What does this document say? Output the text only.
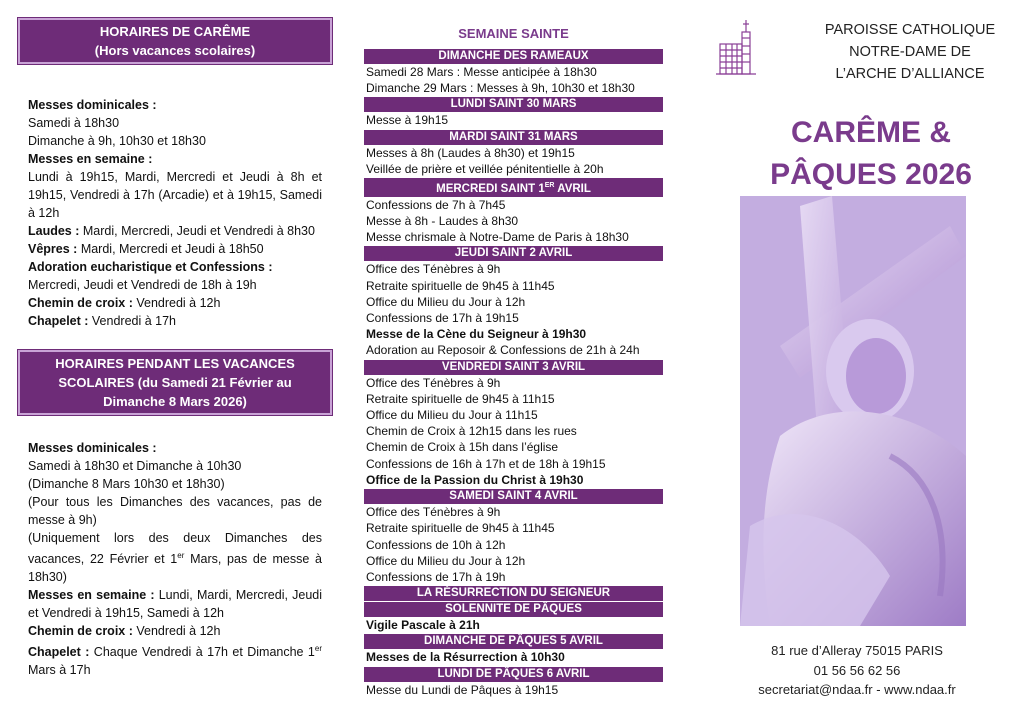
HORAIRES DE CARÊME
(Hors vacances scolaires)

Messes dominicales :

Samedi à 18h30

Dimanche à 9h, 10h30 et 18h30

Messes en semaine :

Lundi à 19h15, Mardi, Mercredi et Jeudi à 8h et 19h15, Vendredi à 17h (Arcadie) et à 19h15, Samedi à 12h

Laudes : Mardi, Mercredi, Jeudi et Vendredi à 8h30

Vêpres : Mardi, Mercredi et Jeudi à 18h50

Adoration eucharistique et Confessions :

Mercredi, Jeudi et Vendredi de 18h à 19h

Chemin de croix : Vendredi à 12h

Chapelet : Vendredi à 17h

HORAIRES PENDANT LES VACANCES
SCOLAIRES (du Samedi 21 Février au
Dimanche 8 Mars 2026)

Messes dominicales :

Samedi à 18h30 et Dimanche à 10h30

(Dimanche 8 Mars 10h30 et 18h30)

(Pour tous les Dimanches des vacances, pas de messe à 9h)

(Uniquement lors des deux Dimanches des vacances, 22 Février et 1er Mars, pas de messe à 18h30)

Messes en semaine : Lundi, Mardi, Mercredi, Jeudi et Vendredi à 19h15, Samedi à 12h

Chemin de croix : Vendredi à 12h

Chapelet : Chaque Vendredi à 17h et Dimanche 1er Mars à 17h

SEMAINE SAINTE
DIMANCHE DES RAMEAUX
Samedi 28 Mars : Messe anticipée à 18h30
Dimanche 29 Mars : Messes à 9h, 10h30 et 18h30
LUNDI SAINT 30 MARS
Messe à 19h15
MARDI SAINT 31 MARS
Messes à 8h (Laudes à 8h30) et 19h15
Veillée de prière et veillée pénitentielle à 20h
MERCREDI SAINT 1ER AVRIL
Confessions de 7h à 7h45
Messe à 8h - Laudes à 8h30
Messe chrismale à Notre-Dame de Paris à 18h30
JEUDI SAINT 2 AVRIL
Office des Ténèbres à 9h
Retraite spirituelle de 9h45 à 11h45
Office du Milieu du Jour à 12h
Confessions de 17h à 19h15
Messe de la Cène du Seigneur à 19h30
Adoration au Reposoir & Confessions de 21h à 24h
VENDREDI SAINT 3 AVRIL
Office des Ténèbres à 9h
Retraite spirituelle de 9h45 à 11h15
Office du Milieu du Jour à 11h15
Chemin de Croix à 12h15 dans les rues
Chemin de Croix à 15h dans l’église
Confessions de 16h à 17h et de 18h à 19h15
Office de la Passion du Christ à 19h30
SAMEDI SAINT 4 AVRIL
Office des Ténèbres à 9h
Retraite spirituelle de 9h45 à 11h45
Confessions de 10h à 12h
Office du Milieu du Jour à 12h
Confessions de 17h à 19h
LA RÉSURRECTION DU SEIGNEUR
SOLENNITE DE PÂQUES
Vigile Pascale à 21h
DIMANCHE DE PÂQUES 5 AVRIL
Messes de la Résurrection à 10h30
LUNDI DE PÂQUES 6 AVRIL
Messe du Lundi de Pâques à 19h15
PAROISSE CATHOLIQUE
NOTRE-DAME DE
L’ARCHE D’ALLIANCE
CARÊME &
PÂQUES 2026
81 rue d’Alleray 75015 PARIS
01 56 56 62 56
secretariat@ndaa.fr - www.ndaa.fr
